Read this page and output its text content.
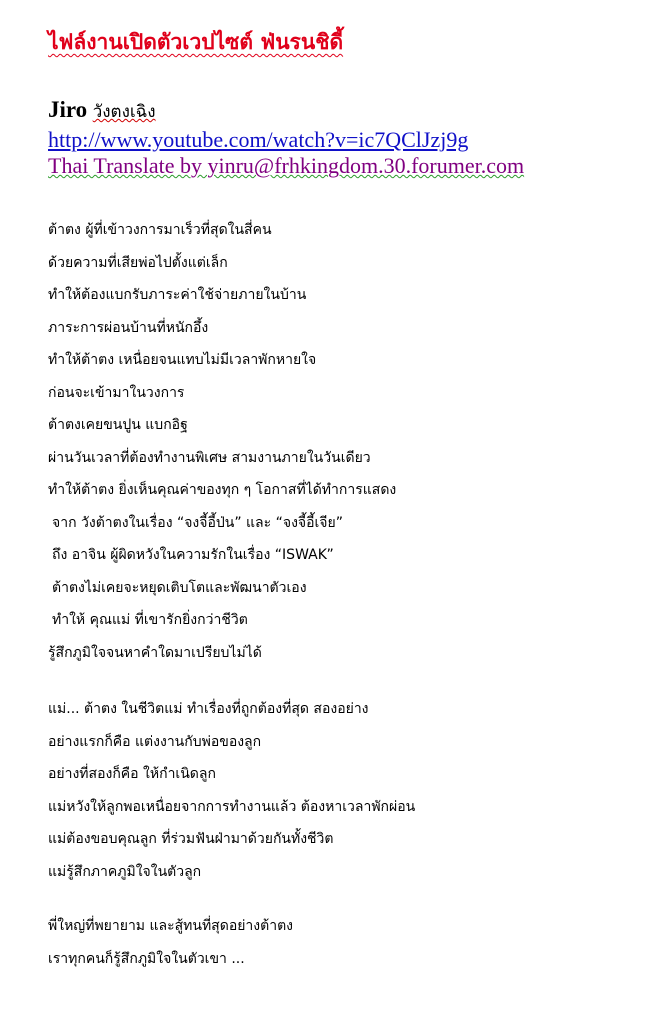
ไฟล์งานเปิดตัวเวปไซต์ ฟ่นรนชิดี้
Jiro วังตงเฉิง
http://www.youtube.com/watch?v=ic7QClJzj9g
Thai Translate by yinru@frhkingdom.30.forumer.com
ต้าตง ผู้ที่เข้าวงการมาเร็วที่สุดในสี่คน
ด้วยความที่เสียพ่อไปตั้งแต่เล็ก
ทำให้ต้องแบกรับภาระค่าใช้จ่ายภายในบ้าน
ภาระการผ่อนบ้านที่หนักอึ้ง
ทำให้ต้าตง เหนื่อยจนแทบไม่มีเวลาพักหายใจ
ก่อนจะเข้ามาในวงการ
ต้าตงเคยขนปูน แบกอิฐ
ผ่านวันเวลาที่ต้องทำงานพิเศษ สามงานภายในวันเดียว
ทำให้ต้าตง ยิ่งเห็นคุณค่าของทุก ๆ โอกาสที่ได้ทำการแสดง
จาก วังต้าตงในเรื่อง “จงจี้อี้ป่น” และ “จงจี้อี้เจีย”
ถึง อาจิน ผู้ผิดหวังในความรักในเรื่อง “ISWAK”
ต้าตงไม่เคยจะหยุดเติบโตและพัฒนาตัวเอง
ทำให้ คุณแม่ ที่เขารักยิ่งกว่าชีวิต
รู้สึกภูมิใจจนหาคำใดมาเปรียบไม่ได้
แม่... ต้าตง ในชีวิตแม่ ทำเรื่องที่ถูกต้องที่สุด สองอย่าง
อย่างแรกก็คือ แต่งงานกับพ่อของลูก
อย่างที่สองก็คือ ให้กำเนิดลูก
แม่หวังให้ลูกพอเหนื่อยจากการทำงานแล้ว ต้องหาเวลาพักผ่อน
แม่ต้องขอบคุณลูก ที่ร่วมฟันฝ่ามาด้วยกันทั้งชีวิต
แม่รู้สึกภาคภูมิใจในตัวลูก
พี่ใหญ่ที่พยายาม และสู้ทนที่สุดอย่างต้าตง
เราทุกคนก็รู้สึกภูมิใจในตัวเขา ...
